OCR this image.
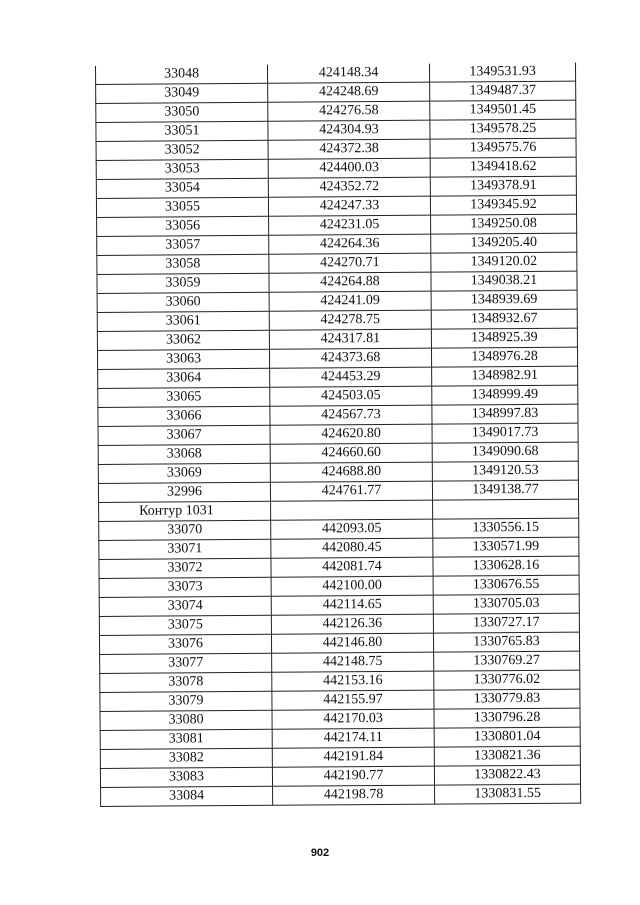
33048	424148.34	1349531.93
33049	424248.69	1349487.37
33050	424276.58	1349501.45
33051	424304.93	1349578.25
33052	424372.38	1349575.76
33053	424400.03	1349418.62
33054	424352.72	1349378.91
33055	424247.33	1349345.92
33056	424231.05	1349250.08
33057	424264.36	1349205.40
33058	424270.71	1349120.02
33059	424264.88	1349038.21
33060	424241.09	1348939.69
33061	424278.75	1348932.67
33062	424317.81	1348925.39
33063	424373.68	1348976.28
33064	424453.29	1348982.91
33065	424503.05	1348999.49
33066	424567.73	1348997.83
33067	424620.80	1349017.73
33068	424660.60	1349090.68
33069	424688.80	1349120.53
32996	424761.77	1349138.77
Контур 1031		
33070	442093.05	1330556.15
33071	442080.45	1330571.99
33072	442081.74	1330628.16
33073	442100.00	1330676.55
33074	442114.65	1330705.03
33075	442126.36	1330727.17
33076	442146.80	1330765.83
33077	442148.75	1330769.27
33078	442153.16	1330776.02
33079	442155.97	1330779.83
33080	442170.03	1330796.28
33081	442174.11	1330801.04
33082	442191.84	1330821.36
33083	442190.77	1330822.43
33084	442198.78	1330831.55
902
